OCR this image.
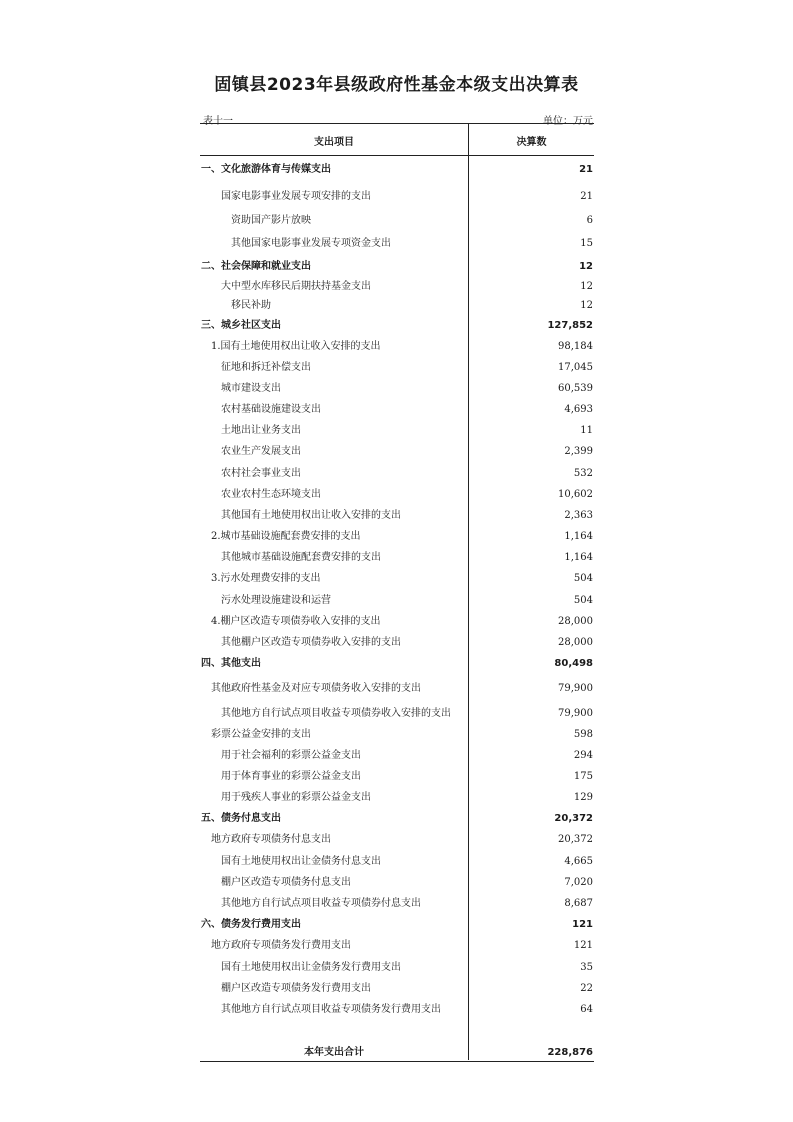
固镇县2023年县级政府性基金本级支出决算表
表十一	单位：万元
支出项目	决算数
一、文化旅游体育与传媒支出	21
国家电影事业发展专项安排的支出	21
资助国产影片放映	6
其他国家电影事业发展专项资金支出	15
二、社会保障和就业支出	12
大中型水库移民后期扶持基金支出	12
移民补助	12
三、城乡社区支出	127,852
1.国有土地使用权出让收入安排的支出	98,184
征地和拆迁补偿支出	17,045
城市建设支出	60,539
农村基础设施建设支出	4,693
土地出让业务支出	11
农业生产发展支出	2,399
农村社会事业支出	532
农业农村生态环境支出	10,602
其他国有土地使用权出让收入安排的支出	2,363
2.城市基础设施配套费安排的支出	1,164
其他城市基础设施配套费安排的支出	1,164
3.污水处理费安排的支出	504
污水处理设施建设和运营	504
4.棚户区改造专项债券收入安排的支出	28,000
其他棚户区改造专项债券收入安排的支出	28,000
四、其他支出	80,498
其他政府性基金及对应专项债务收入安排的支出	79,900
其他地方自行试点项目收益专项债券收入安排的支出	79,900
彩票公益金安排的支出	598
用于社会福利的彩票公益金支出	294
用于体育事业的彩票公益金支出	175
用于残疾人事业的彩票公益金支出	129
五、债务付息支出	20,372
地方政府专项债务付息支出	20,372
国有土地使用权出让金债务付息支出	4,665
棚户区改造专项债务付息支出	7,020
其他地方自行试点项目收益专项债券付息支出	8,687
六、债务发行费用支出	121
地方政府专项债务发行费用支出	121
国有土地使用权出让金债务发行费用支出	35
棚户区改造专项债务发行费用支出	22
其他地方自行试点项目收益专项债务发行费用支出	64
本年支出合计	228,876
